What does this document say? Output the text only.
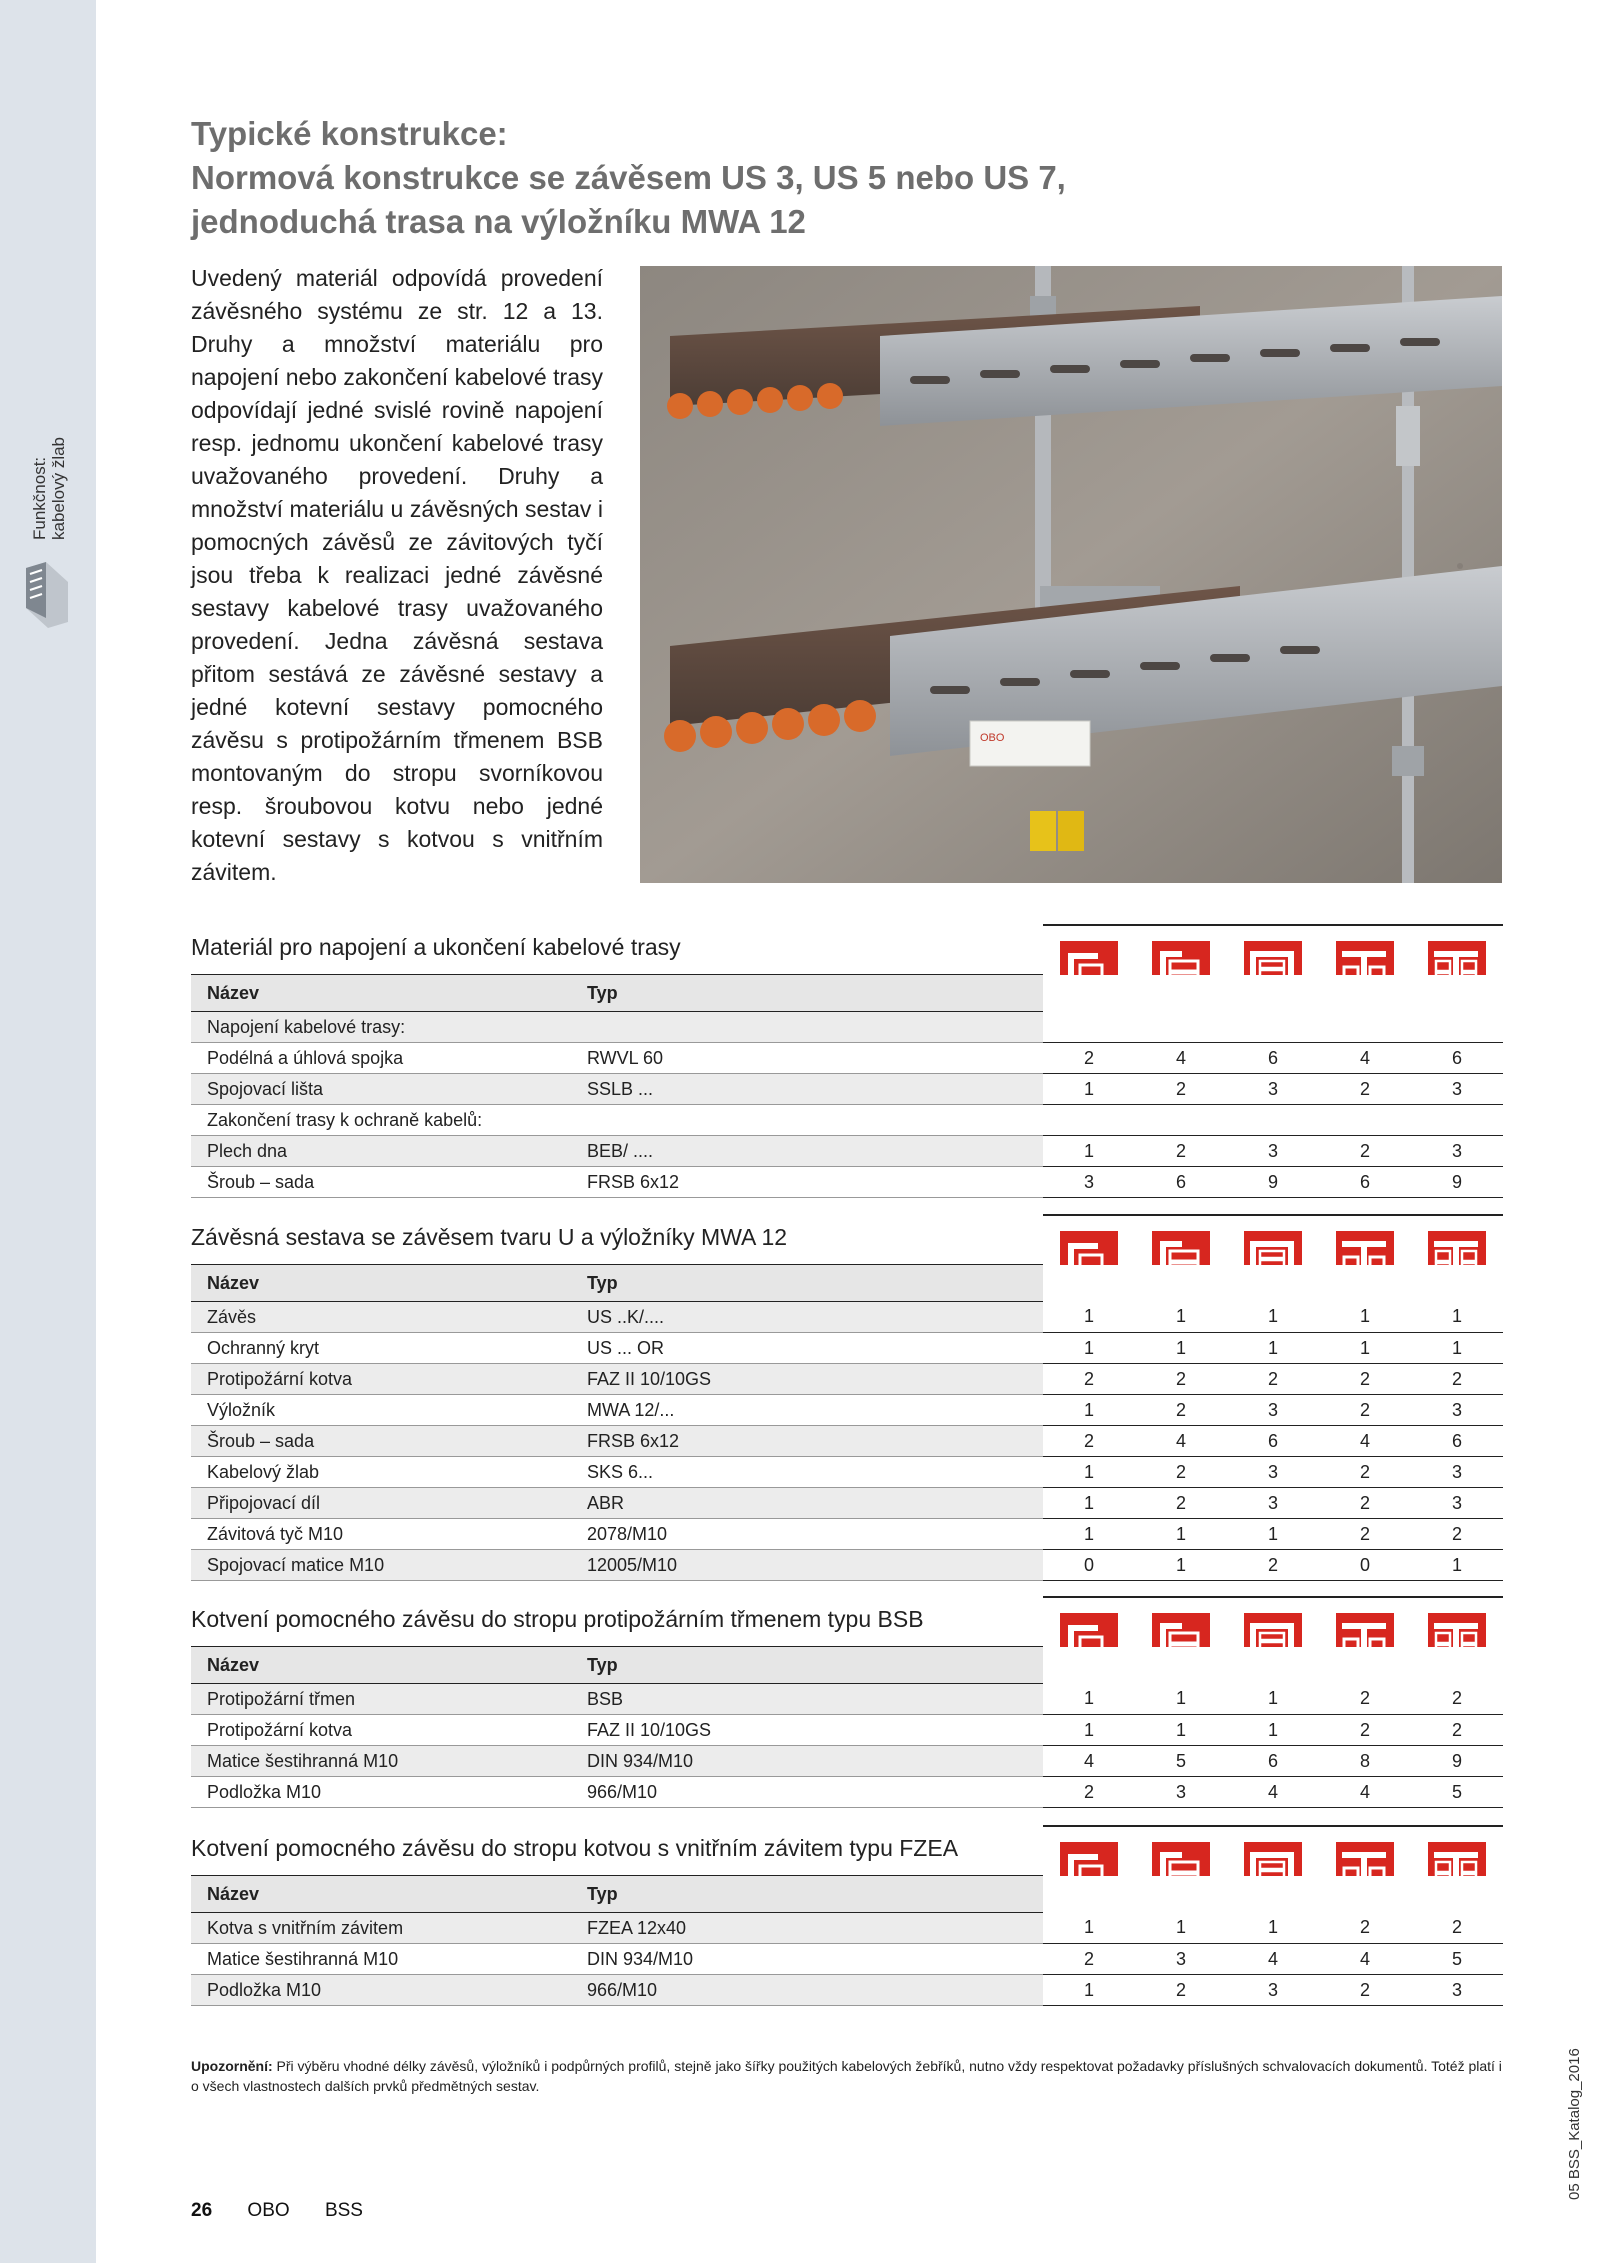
Funkčnost: kabelový žlab
Typické konstrukce:
Normová konstrukce se závěsem US 3, US 5 nebo US 7,
jednoduchá trasa na výložníku MWA 12
Uvedený materiál odpovídá provedení závěsného systému ze str. 12 a 13. Druhy a množství materiálu pro napojení nebo zakončení kabelové trasy odpovídají jedné svislé rovině napojení resp. jednomu ukončení kabelové trasy uvažovaného provedení. Druhy a množství materiálu u závěsných sestav i pomocných závěsů ze závitových tyčí jsou třeba k realizaci jedné závěsné sestavy kabelové trasy uvažovaného provedení. Jedna závěsná sestava přitom sestává ze závěsné sestavy a jedné kotevní sestavy pomocného závěsu s protipožárním třmenem BSB montovaným do stropu svorníkovou resp. šroubovou kotvu nebo jedné kotevní sestavy s kotvou s vnitřním závitem.
OBO
Materiál pro napojení a ukončení kabelové trasy
Název	Typ					
Napojení kabelové trasy:						
Podélná a úhlová spojka	RWVL 60	2	4	6	4	6
Spojovací lišta	SSLB ...	1	2	3	2	3
Zakončení trasy k ochraně kabelů:						
Plech dna	BEB/ ....	1	2	3	2	3
Šroub – sada	FRSB 6x12	3	6	9	6	9
Závěsná sestava se závěsem tvaru U a výložníky MWA 12
Název	Typ					
Závěs	US ..K/....	1	1	1	1	1
Ochranný kryt	US ... OR	1	1	1	1	1
Protipožární kotva	FAZ II 10/10GS	2	2	2	2	2
Výložník	MWA 12/...	1	2	3	2	3
Šroub – sada	FRSB 6x12	2	4	6	4	6
Kabelový žlab	SKS 6...	1	2	3	2	3
Připojovací díl	ABR	1	2	3	2	3
Závitová tyč M10	2078/M10	1	1	1	2	2
Spojovací matice M10	12005/M10	0	1	2	0	1
Kotvení pomocného závěsu do stropu protipožárním třmenem typu BSB
Název	Typ					
Protipožární třmen	BSB	1	1	1	2	2
Protipožární kotva	FAZ II 10/10GS	1	1	1	2	2
Matice šestihranná M10	DIN 934/M10	4	5	6	8	9
Podložka M10	966/M10	2	3	4	4	5
Kotvení pomocného závěsu do stropu kotvou s vnitřním závitem typu FZEA
Název	Typ					
Kotva s vnitřním závitem	FZEA 12x40	1	1	1	2	2
Matice šestihranná M10	DIN 934/M10	2	3	4	4	5
Podložka M10	966/M10	1	2	3	2	3
Upozornění: Při výběru vhodné délky závěsů, výložníků i podpůrných profilů, stejně jako šířky použitých kabelových žebříků, nutno vždy respektovat požadavky příslušných schvalovacích dokumentů. Totéž platí i o všech vlastnostech dalších prvků předmětných sestav.
26 OBO BSS
05 BSS_Katalog_2016
